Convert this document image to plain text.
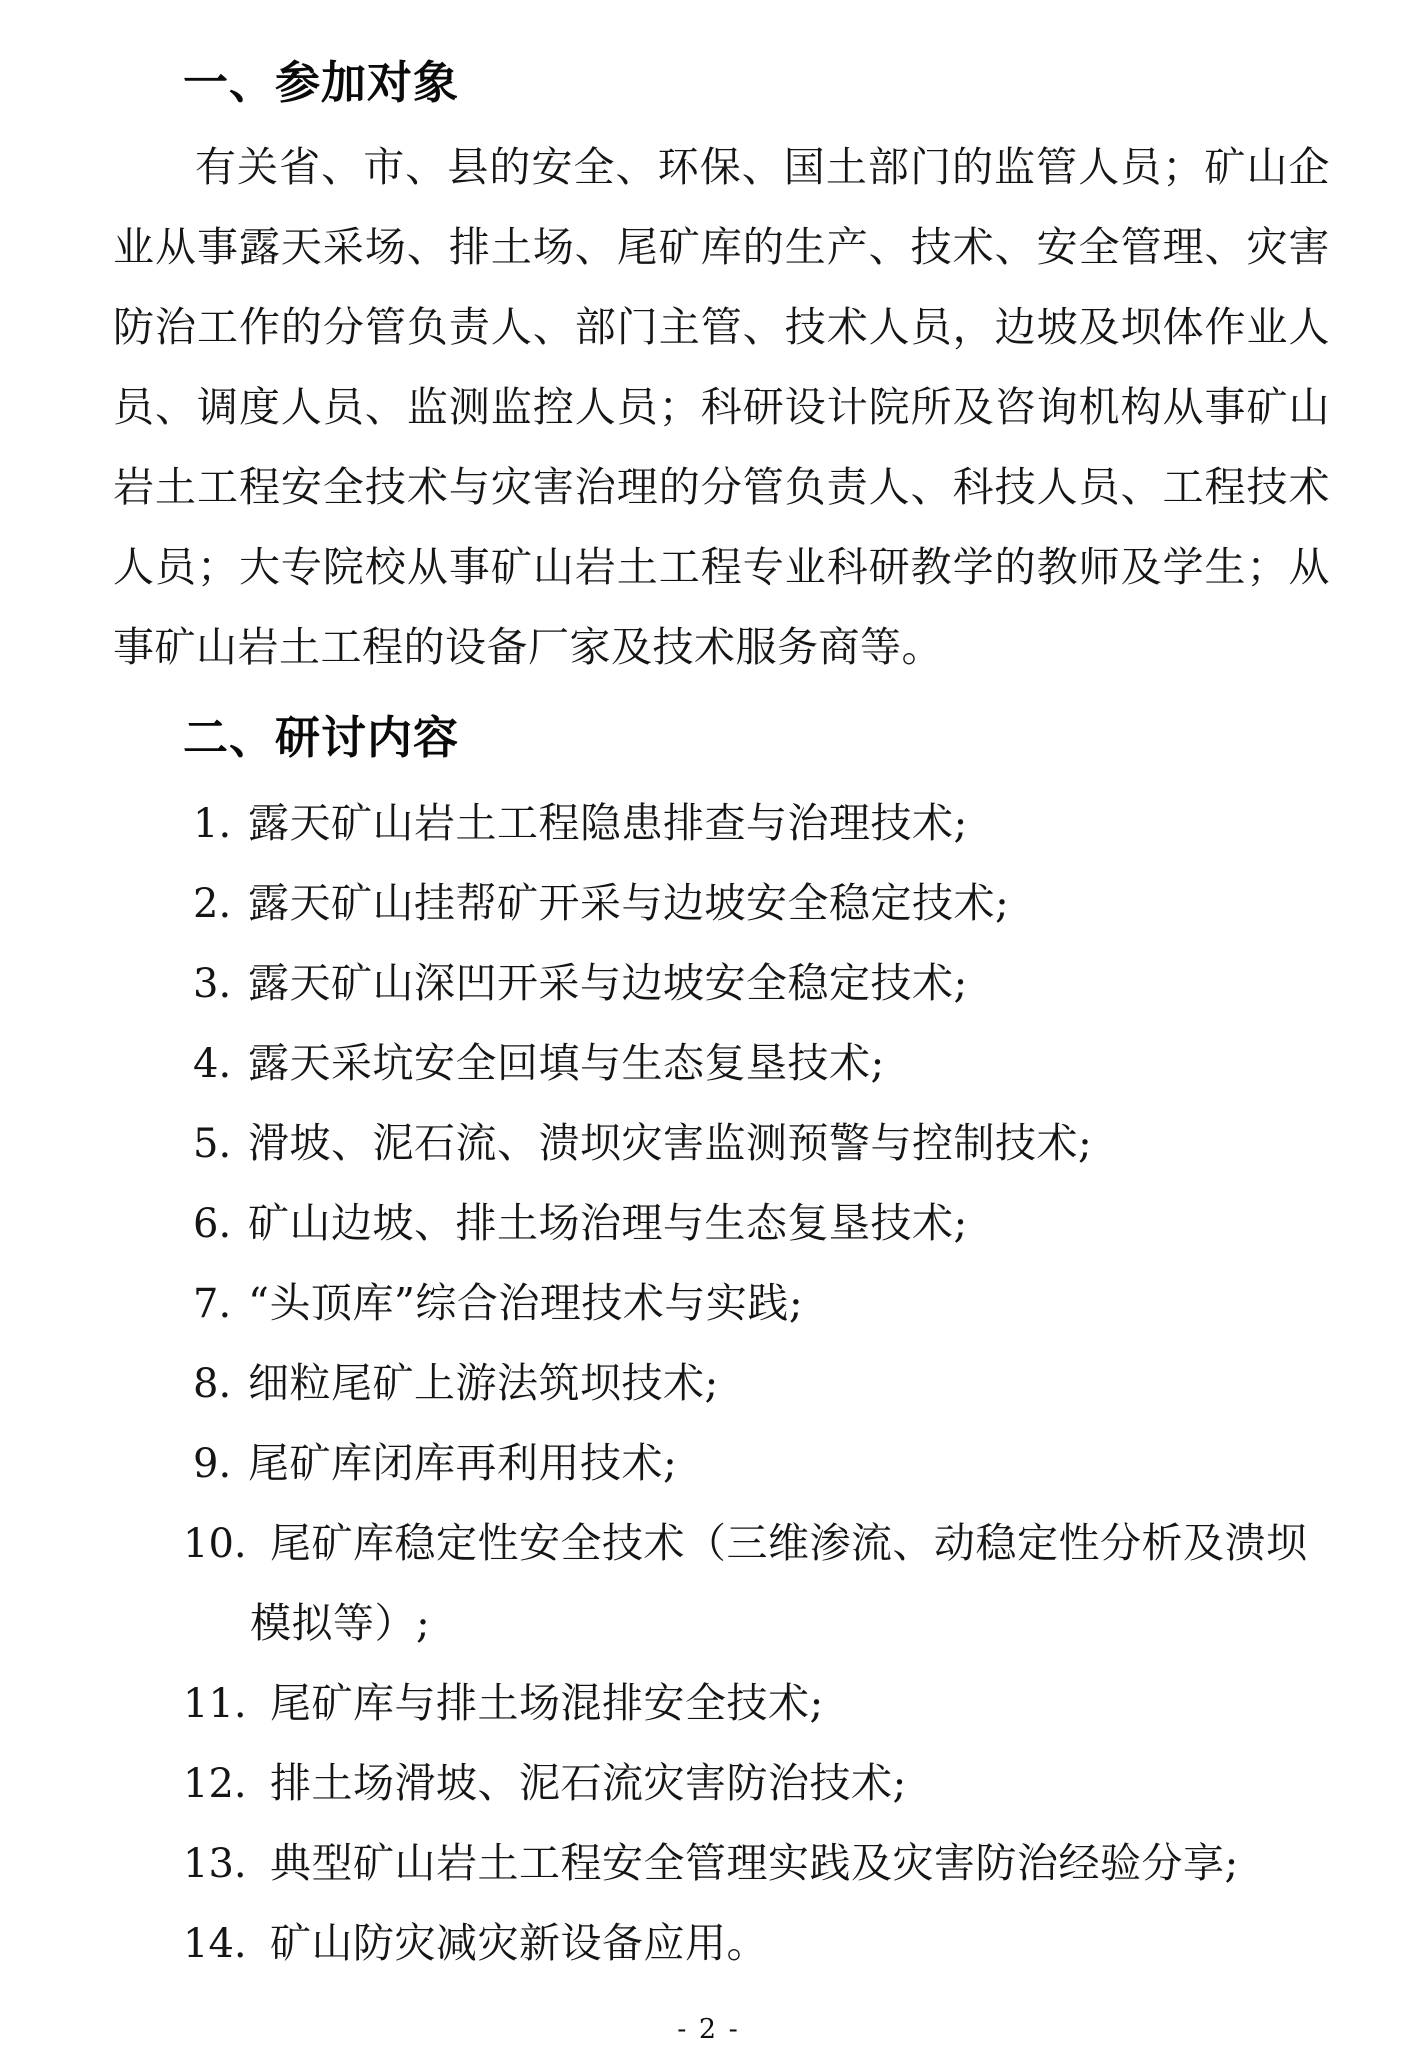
一、参加对象
有关省、市、县的安全、环保、国土部门的监管人员；矿山企
业从事露天采场、排土场、尾矿库的生产、技术、安全管理、灾害
防治工作的分管负责人、部门主管、技术人员，边坡及坝体作业人
员、调度人员、监测监控人员；科研设计院所及咨询机构从事矿山
岩土工程安全技术与灾害治理的分管负责人、科技人员、工程技术
人员；大专院校从事矿山岩土工程专业科研教学的教师及学生；从
事矿山岩土工程的设备厂家及技术服务商等。
二、研讨内容
1. 露天矿山岩土工程隐患排查与治理技术;
2. 露天矿山挂帮矿开采与边坡安全稳定技术;
3. 露天矿山深凹开采与边坡安全稳定技术;
4. 露天采坑安全回填与生态复垦技术;
5. 滑坡、泥石流、溃坝灾害监测预警与控制技术;
6. 矿山边坡、排土场治理与生态复垦技术;
7. “头顶库”综合治理技术与实践;
8. 细粒尾矿上游法筑坝技术;
9. 尾矿库闭库再利用技术;
10. 尾矿库稳定性安全技术（三维渗流、动稳定性分析及溃坝
模拟等）;
11. 尾矿库与排土场混排安全技术;
12. 排土场滑坡、泥石流灾害防治技术;
13. 典型矿山岩土工程安全管理实践及灾害防治经验分享;
14. 矿山防灾减灾新设备应用。
- 2 -
